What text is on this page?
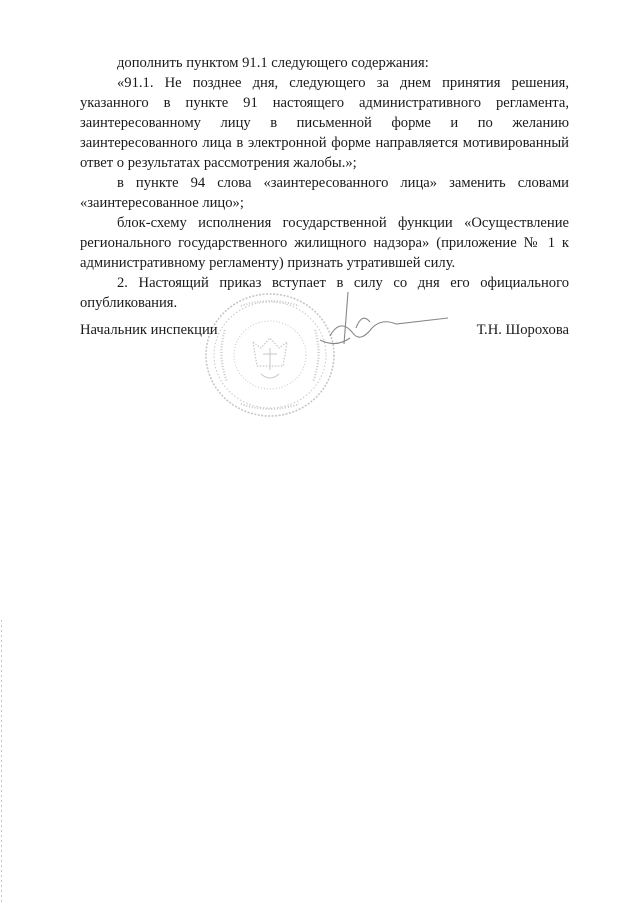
дополнить пунктом 91.1 следующего содержания:

«91.1. Не позднее дня, следующего за днем принятия решения, указанного в пункте 91 настоящего административного регламента, заинтересованному лицу в письменной форме и по желанию заинтересованного лица в электронной форме направляется мотивированный ответ о результатах рассмотрения жалобы.»;

в пункте 94 слова «заинтересованного лица» заменить словами «заинтересованное лицо»;

блок-схему исполнения государственной функции «Осуществление регионального государственного жилищного надзора» (приложение № 1 к административному регламенту) признать утратившей силу.

2. Настоящий приказ вступает в силу со дня его официального опубликования.

Начальник инспекции	Т.Н. Шорохова
